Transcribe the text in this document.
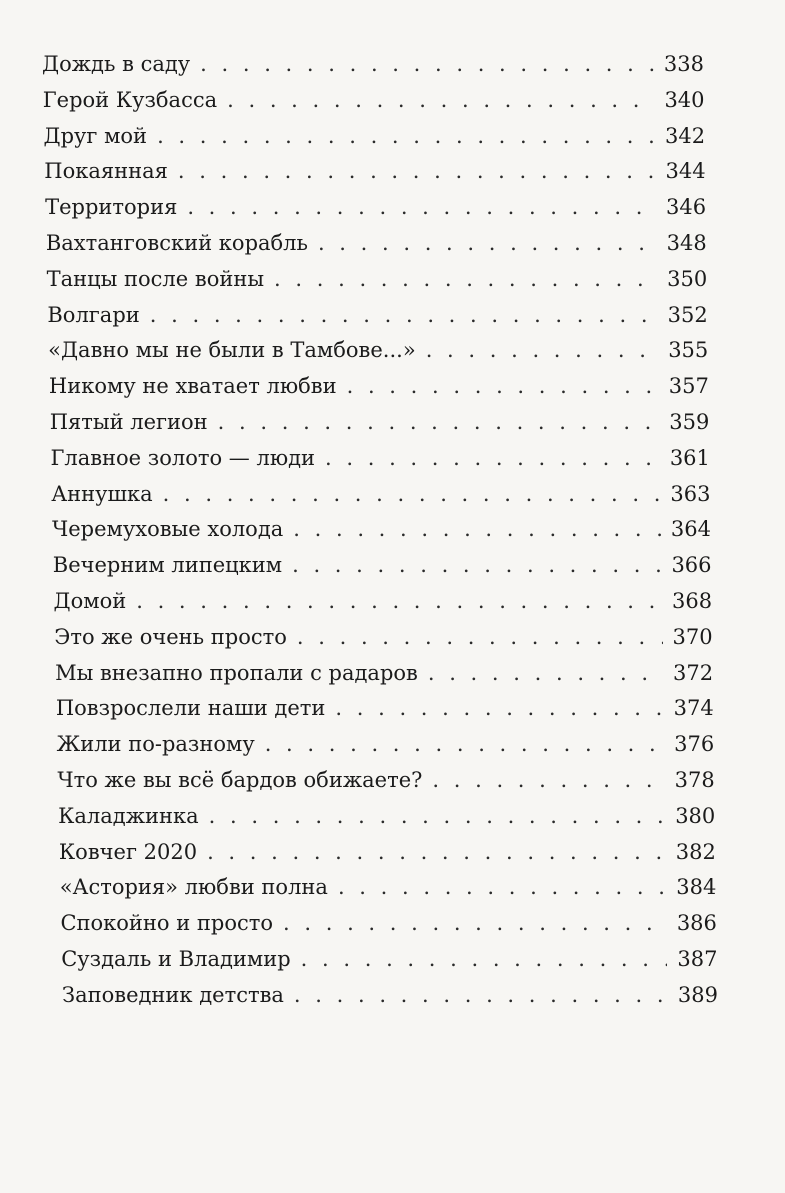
Дождь в саду . . .	338
Герой Кузбасса . . .	340
Друг мой . . .	342
Покаянная . . .	344
Территория . . .	346
Вахтанговский корабль . . .	348
Танцы после войны . . .	350
Волгари . . .	352
«Давно мы не были в Тамбове...» . . .	355
Никому не хватает любви . . .	357
Пятый легион . . .	359
Главное золото — люди . . .	361
Аннушка . . .	363
Черемуховые холода . . .	364
Вечерним липецким . . .	366
Домой . . .	368
Это же очень просто . . .	370
Мы внезапно пропали с радаров . . .	372
Повзрослели наши дети . . .	374
Жили по-разному . . .	376
Что же вы всё бардов обижаете? . . .	378
Каладжинка . . .	380
Ковчег 2020 . . .	382
«Астория» любви полна . . .	384
Спокойно и просто . . .	386
Суздаль и Владимир . . .	387
Заповедник детства . . .	389
